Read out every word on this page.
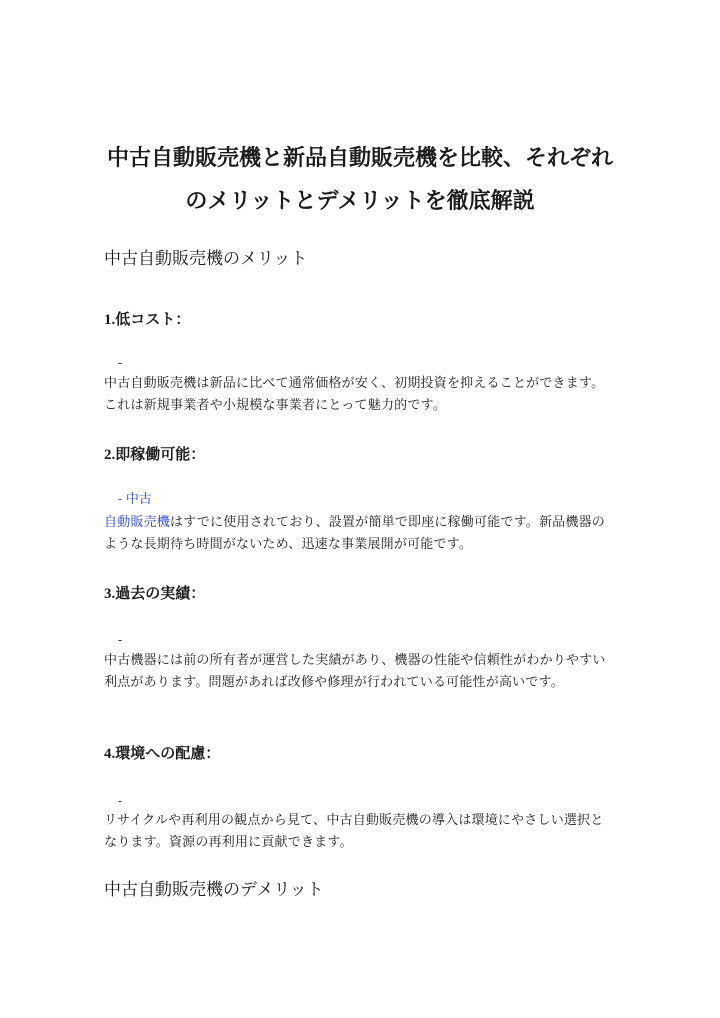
中古自動販売機と新品自動販売機を比較、それぞれ
のメリットとデメリットを徹底解説
中古自動販売機のメリット
1.低コスト：
-

中古自動販売機は新品に比べて通常価格が安く、初期投資を抑えることができます。これは新規事業者や小規模な事業者にとって魅力的です。

2.即稼働可能：
- 中古

自動販売機はすでに使用されており、設置が簡単で即座に稼働可能です。新品機器のような長期待ち時間がないため、迅速な事業展開が可能です。

3.過去の実績：
-

中古機器には前の所有者が運営した実績があり、機器の性能や信頼性がわかりやすい利点があります。問題があれば改修や修理が行われている可能性が高いです。

4.環境への配慮：
-

リサイクルや再利用の観点から見て、中古自動販売機の導入は環境にやさしい選択となります。資源の再利用に貢献できます。

中古自動販売機のデメリット
